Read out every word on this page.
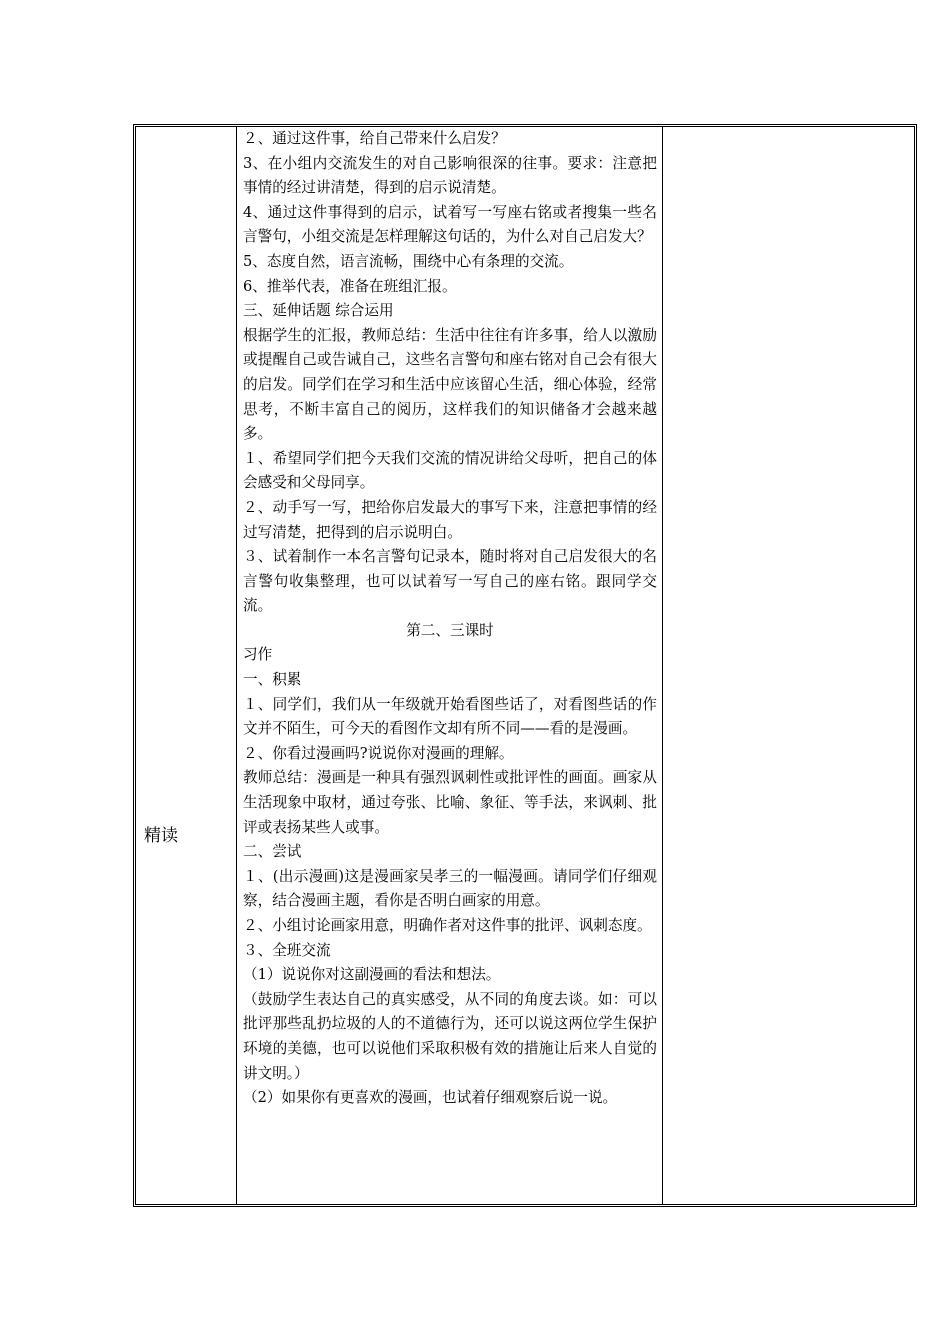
精读
２、通过这件事，给自己带来什么启发？
3、在小组内交流发生的对自己影响很深的往事。要求：注意把事情的经过讲清楚，得到的启示说清楚。
4、通过这件事得到的启示，试着写一写座右铭或者搜集一些名言警句，小组交流是怎样理解这句话的，为什么对自己启发大？
5、态度自然，语言流畅，围绕中心有条理的交流。
6、推举代表，准备在班组汇报。
三、延伸话题 综合运用
根据学生的汇报，教师总结：生活中往往有许多事，给人以激励或提醒自己或告诫自己，这些名言警句和座右铭对自己会有很大的启发。同学们在学习和生活中应该留心生活，细心体验，经常思考，不断丰富自己的阅历，这样我们的知识储备才会越来越多。
１、希望同学们把今天我们交流的情况讲给父母听，把自己的体会感受和父母同享。
２、动手写一写，把给你启发最大的事写下来，注意把事情的经过写清楚，把得到的启示说明白。
３、试着制作一本名言警句记录本，随时将对自己启发很大的名言警句收集整理，也可以试着写一写自己的座右铭。跟同学交流。
第二、三课时
习作
一、积累
１、同学们，我们从一年级就开始看图些话了，对看图些话的作文并不陌生，可今天的看图作文却有所不同——看的是漫画。
２、你看过漫画吗?说说你对漫画的理解。
教师总结：漫画是一种具有强烈讽刺性或批评性的画面。画家从生活现象中取材，通过夸张、比喻、象征、等手法，来讽刺、批评或表扬某些人或事。
二、尝试
１、(出示漫画)这是漫画家吴孝三的一幅漫画。请同学们仔细观察，结合漫画主题，看你是否明白画家的用意。
２、小组讨论画家用意，明确作者对这件事的批评、讽刺态度。
３、全班交流
（1）说说你对这副漫画的看法和想法。
（鼓励学生表达自己的真实感受，从不同的角度去谈。如：可以批评那些乱扔垃圾的人的不道德行为，还可以说这两位学生保护环境的美德，也可以说他们采取积极有效的措施让后来人自觉的讲文明。）
（2）如果你有更喜欢的漫画，也试着仔细观察后说一说。
